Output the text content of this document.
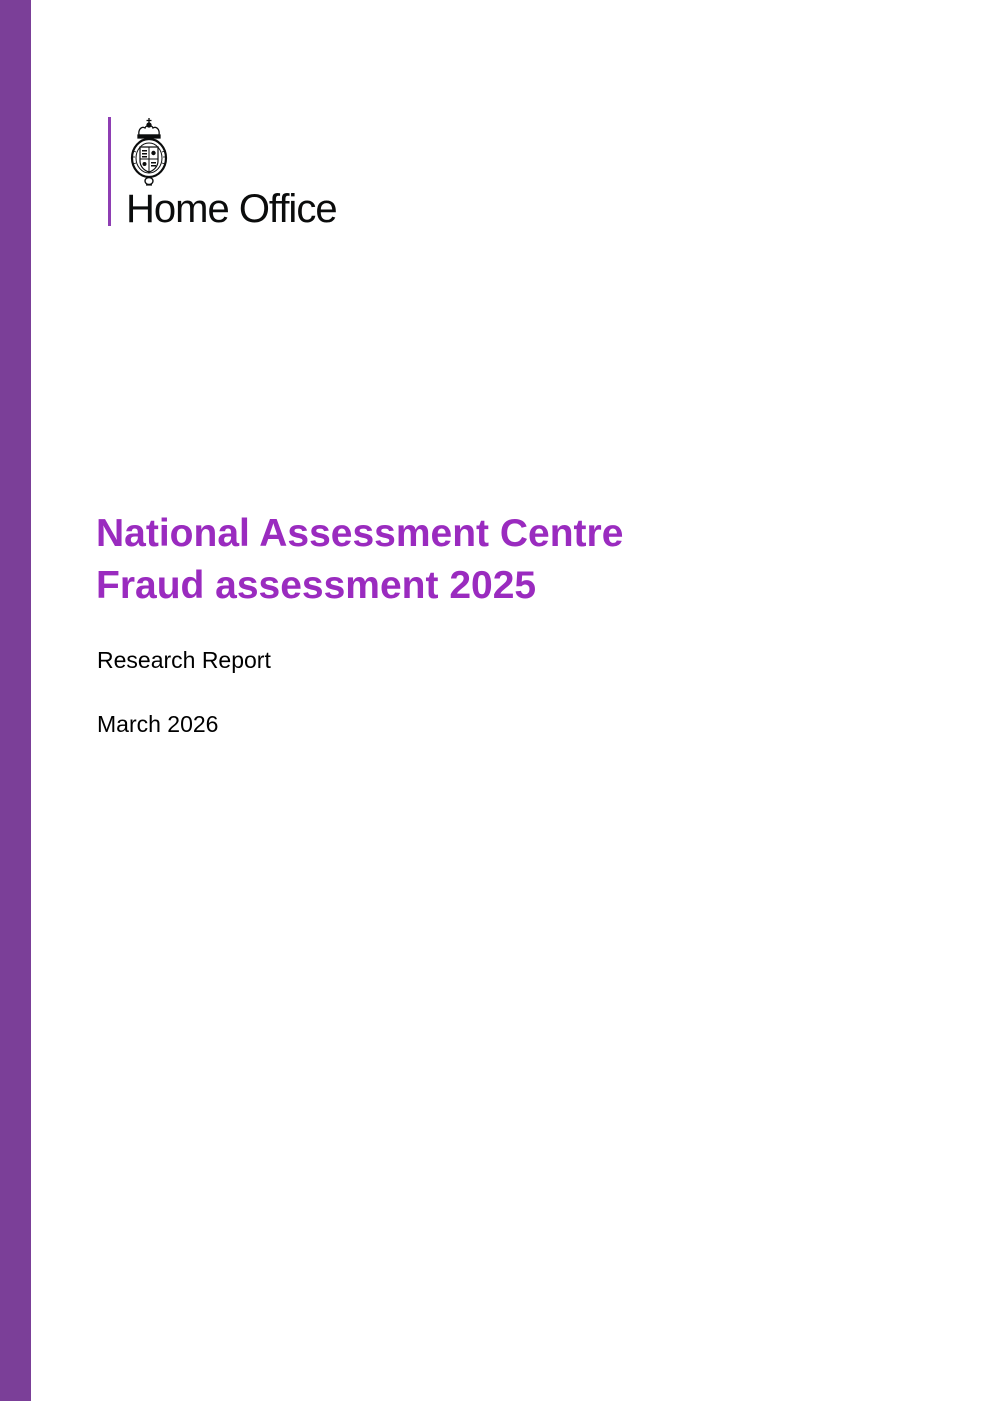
Home Office
National Assessment Centre
Fraud assessment 2025
Research Report
March 2026
